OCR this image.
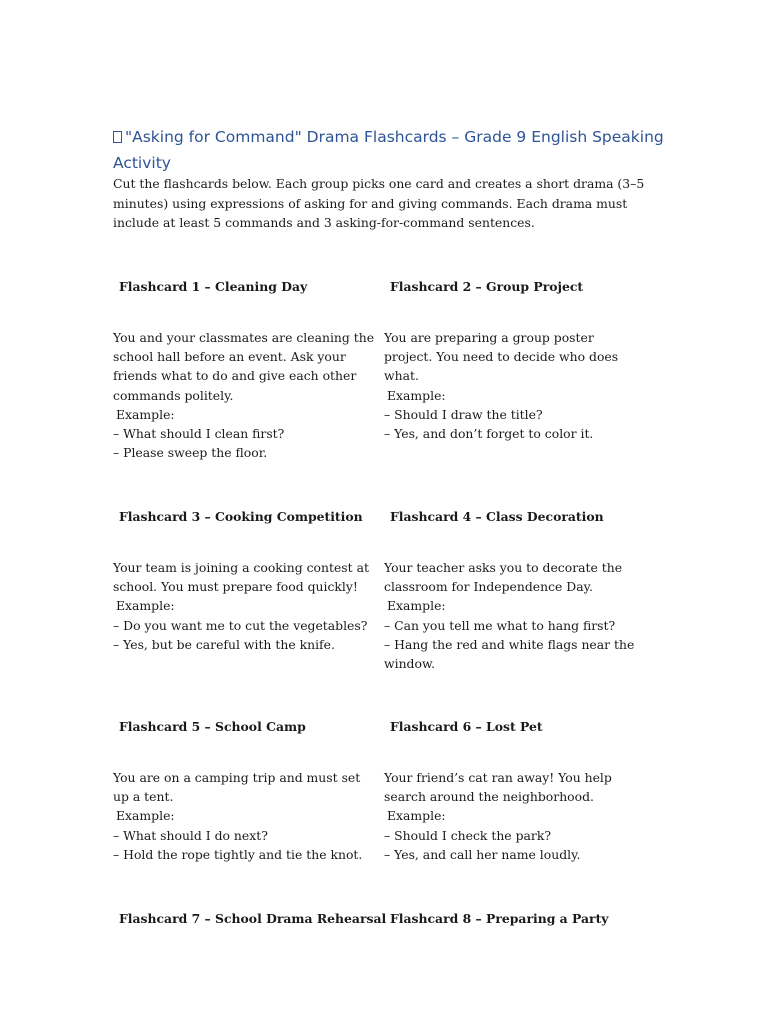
"Asking for Command" Drama Flashcards – Grade 9 English Speaking Activity

Cut the flashcards below. Each group picks one card and creates a short drama (3–5 minutes) using expressions of asking for and giving commands. Each drama must include at least 5 commands and 3 asking-for-command sentences.

Flashcard 1 – Cleaning Day

You and your classmates are cleaning the school hall before an event. Ask your friends what to do and give each other commands politely.
Example:
– What should I clean first?
– Please sweep the floor.

Flashcard 2 – Group Project

You are preparing a group poster project. You need to decide who does what.
Example:
– Should I draw the title?
– Yes, and don’t forget to color it.

Flashcard 3 – Cooking Competition

Your team is joining a cooking contest at school. You must prepare food quickly!
Example:
– Do you want me to cut the vegetables?
– Yes, but be careful with the knife.

Flashcard 4 – Class Decoration

Your teacher asks you to decorate the classroom for Independence Day.
Example:
– Can you tell me what to hang first?
– Hang the red and white flags near the window.

Flashcard 5 – School Camp

You are on a camping trip and must set up a tent.
Example:
– What should I do next?
– Hold the rope tightly and tie the knot.

Flashcard 6 – Lost Pet

Your friend’s cat ran away! You help search around the neighborhood.
Example:
– Should I check the park?
– Yes, and call her name loudly.

Flashcard 7 – School Drama Rehearsal Flashcard 8 – Preparing a Party
